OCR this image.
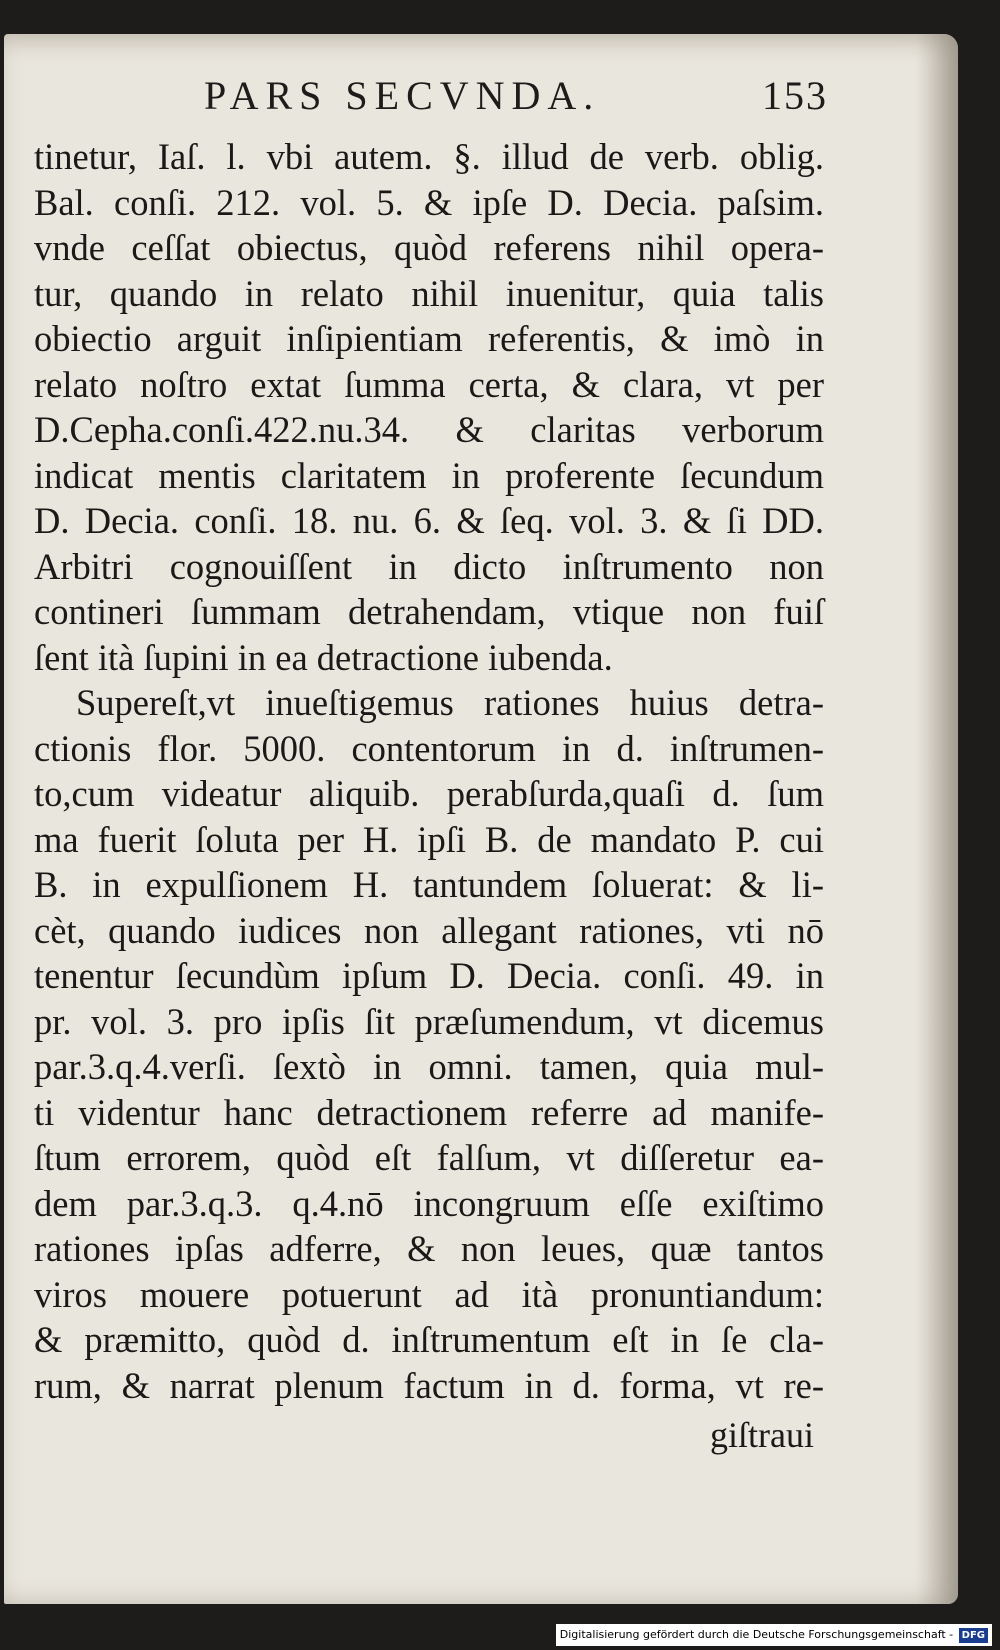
PARS SECVNDA.	153
tinetur, Iaſ. l. vbi autem. §. illud de verb. oblig.
Bal. conſi. 212. vol. 5. & ipſe D. Decia. paſsim.
vnde ceſſat obiectus, quòd referens nihil opera-
tur, quando in relato nihil inuenitur, quia talis
obiectio arguit inſipientiam referentis, & imò in
relato noſtro extat ſumma certa, & clara, vt per
D.Cepha.conſi.422.nu.34. & claritas verborum
indicat mentis claritatem in proferente ſecundum
D. Decia. conſi. 18. nu. 6. & ſeq. vol. 3. & ſi DD.
Arbitri cognouiſſent in dicto inſtrumento non
contineri ſummam detrahendam, vtique non fuiſ
ſent ità ſupini in ea detractione iubenda.
Supereſt,vt inueſtigemus rationes huius detra-
ctionis flor. 5000. contentorum in d. inſtrumen-
to,cum videatur aliquib. perabſurda,quaſi d. ſum
ma fuerit ſoluta per H. ipſi B. de mandato P. cui
B. in expulſionem H. tantundem ſoluerat: & li-
cèt, quando iudices non allegant rationes, vti nō
tenentur ſecundùm ipſum D. Decia. conſi. 49. in
pr. vol. 3. pro ipſis ſit præſumendum, vt dicemus
par.3.q.4.verſi. ſextò in omni. tamen, quia mul-
ti videntur hanc detractionem referre ad manife-
ſtum errorem, quòd eſt falſum, vt diſſeretur ea-
dem par.3.q.3. q.4.nō incongruum eſſe exiſtimo
rationes ipſas adferre, & non leues, quæ tantos
viros mouere potuerunt ad ità pronuntiandum:
& præmitto, quòd d. inſtrumentum eſt in ſe cla-
rum, & narrat plenum factum in d. forma, vt re-
giſtraui
Digitalisierung gefördert durch die Deutsche Forschungsgemeinschaft - DFG
